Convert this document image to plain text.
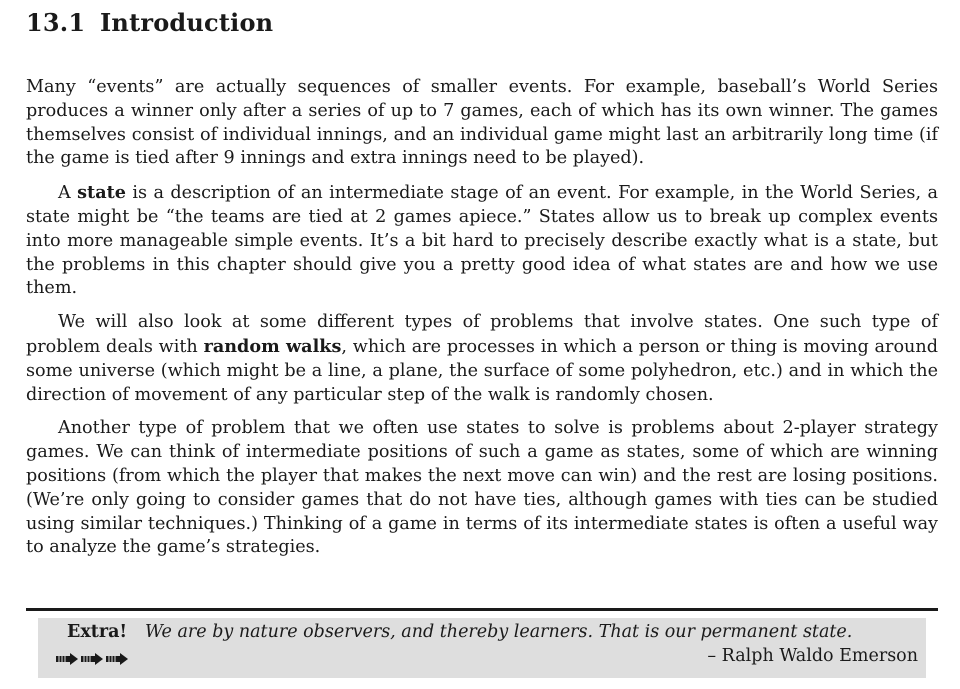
13.1 Introduction

Many “events” are actually sequences of smaller events. For example, baseball’s World Series produces a winner only after a series of up to 7 games, each of which has its own winner. The games themselves consist of individual innings, and an individual game might last an arbitrarily long time (if the game is tied after 9 innings and extra innings need to be played).

A state is a description of an intermediate stage of an event. For example, in the World Series, a state might be “the teams are tied at 2 games apiece.” States allow us to break up complex events into more manageable simple events. It’s a bit hard to precisely describe exactly what is a state, but the problems in this chapter should give you a pretty good idea of what states are and how we use them.

We will also look at some different types of problems that involve states. One such type of problem deals with random walks, which are processes in which a person or thing is moving around some universe (which might be a line, a plane, the surface of some polyhedron, etc.) and in which the direction of movement of any particular step of the walk is randomly chosen.

Another type of problem that we often use states to solve is problems about 2-player strategy games. We can think of intermediate positions of such a game as states, some of which are winning positions (from which the player that makes the next move can win) and the rest are losing positions. (We’re only going to consider games that do not have ties, although games with ties can be studied using similar techniques.) Thinking of a game in terms of its intermediate states is often a useful way to analyze the game’s strategies.

Extra! We are by nature observers, and thereby learners. That is our permanent state.
– Ralph Waldo Emerson
